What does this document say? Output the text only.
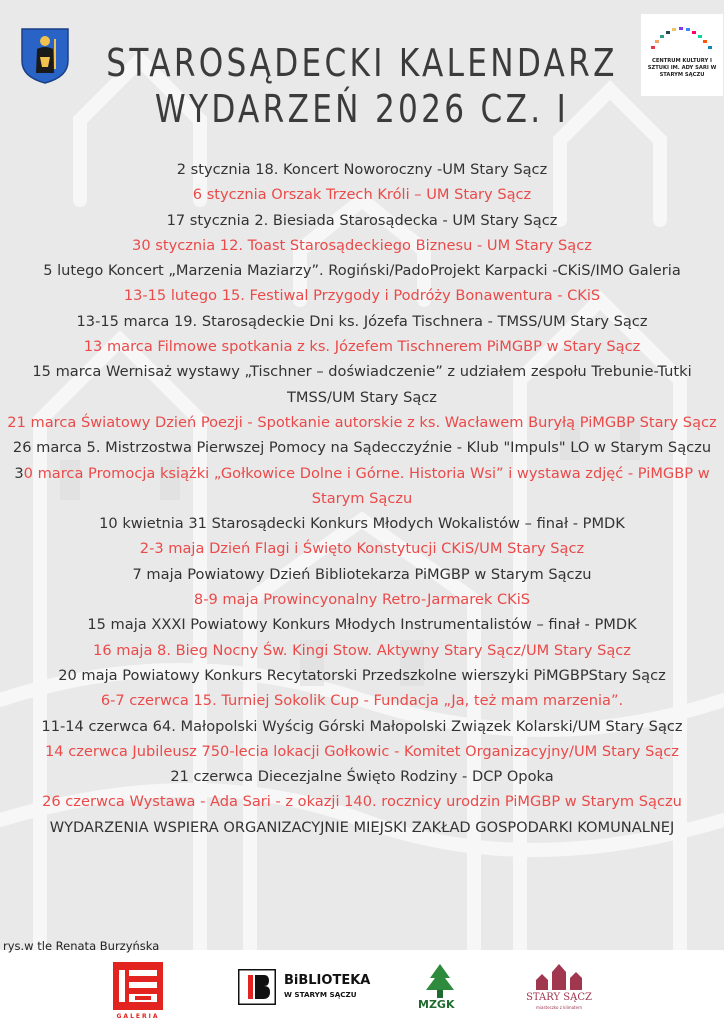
CENTRUM KULTURY I SZTUKI IM. ADY SARI W STARYM SĄCZU
STAROSĄDECKI KALENDARZ
WYDARZEŃ 2026 CZ. I

2 stycznia 18. Koncert Noworoczny -UM Stary Sącz

6 stycznia Orszak Trzech Króli – UM Stary Sącz

17 stycznia 2. Biesiada Starosądecka - UM Stary Sącz

30 stycznia 12. Toast Starosądeckiego Biznesu - UM Stary Sącz

5 lutego Koncert „Marzenia Maziarzy”. Rogiński/PadoProjekt Karpacki -CKiS/IMO Galeria

13-15 lutego 15. Festiwal Przygody i Podróży Bonawentura - CKiS

13-15 marca 19. Starosądeckie Dni ks. Józefa Tischnera - TMSS/UM Stary Sącz

13 marca Filmowe spotkania z ks. Józefem Tischnerem PiMGBP w Stary Sącz

15 marca Wernisaż wystawy „Tischner – doświadczenie” z udziałem zespołu Trebunie-Tutki TMSS/UM Stary Sącz

21 marca Światowy Dzień Poezji - Spotkanie autorskie z ks. Wacławem Buryłą PiMGBP Stary Sącz

26 marca 5. Mistrzostwa Pierwszej Pomocy na Sądecczyźnie - Klub "Impuls" LO w Starym Sączu

30 marca Promocja książki „Gołkowice Dolne i Górne. Historia Wsi” i wystawa zdjęć - PiMGBP w Starym Sączu

10 kwietnia 31 Starosądecki Konkurs Młodych Wokalistów – finał - PMDK

2-3 maja Dzień Flagi i Święto Konstytucji CKiS/UM Stary Sącz

7 maja Powiatowy Dzień Bibliotekarza PiMGBP w Starym Sączu

8-9 maja Prowincyonalny Retro-Jarmarek CKiS

15 maja XXXI Powiatowy Konkurs Młodych Instrumentalistów – finał - PMDK

16 maja 8. Bieg Nocny Św. Kingi Stow. Aktywny Stary Sącz/UM Stary Sącz

20 maja Powiatowy Konkurs Recytatorski Przedszkolne wierszyki PiMGBPStary Sącz

6-7 czerwca 15. Turniej Sokolik Cup - Fundacja „Ja, też mam marzenia”.

11-14 czerwca 64. Małopolski Wyścig Górski Małopolski Związek Kolarski/UM Stary Sącz

14 czerwca Jubileusz 750-lecia lokacji Gołkowic - Komitet Organizacyjny/UM Stary Sącz

21 czerwca Diecezjalne Święto Rodziny - DCP Opoka

26 czerwca Wystawa - Ada Sari - z okazji 140. rocznicy urodzin PiMGBP w Starym Sączu

WYDARZENIA WSPIERA ORGANIZACYJNIE MIEJSKI ZAKŁAD GOSPODARKI KOMUNALNEJ

rys.w tle Renata Burzyńska
GALERIA
BiBLIOTEKA
W STARYM SĄCZU
MZGK
STARY SĄCZ
miasteczko z klimatem
